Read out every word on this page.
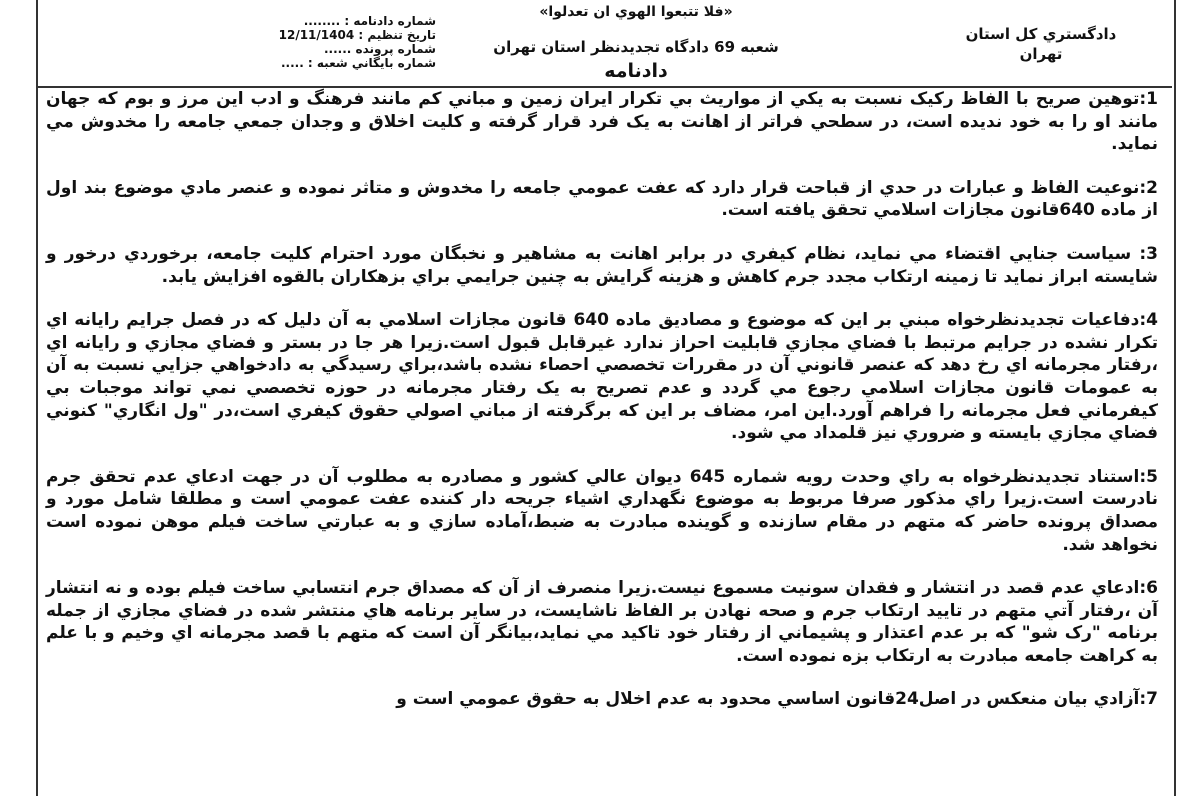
«فلا تتبعوا الهوي ان تعدلوا»
دادگستري کل استان تهران
شعبه 69 دادگاه تجديدنظر استان تهران
دادنامه
شماره دادنامه : ........
تاريخ تنظيم : 12/11/1404
شماره پرونده ......
شماره بايگاني شعبه : .....

1:توهين صريح با الفاظ رکيک نسبت به يکي از مواريث بي تکرار ايران زمين و مباني کم مانند فرهنگ و ادب اين مرز و بوم که جهان مانند او را به خود نديده است، در سطحي فراتر از اهانت به يک فرد قرار گرفته و کليت اخلاق و وجدان جمعي جامعه را مخدوش مي نمايد.

2:نوعيت الفاظ و عبارات در حدي از قباحت قرار دارد که عفت عمومي جامعه را مخدوش و متاثر نموده و عنصر مادي موضوع بند اول از ماده 640قانون مجازات اسلامي تحقق يافته است.

3: سياست جنايي اقتضاء مي نمايد، نظام کيفري در برابر اهانت به مشاهير و نخبگان مورد احترام کليت جامعه، برخوردي درخور و شايسته ابراز نمايد تا زمينه ارتکاب مجدد جرم کاهش و هزينه گرايش به چنين جرايمي براي بزهکاران بالقوه افزايش يابد.

4:دفاعيات تجديدنظرخواه مبني بر اين که موضوع و مصاديق ماده 640 قانون مجازات اسلامي به آن دليل که در فصل جرايم رايانه اي تکرار نشده در جرايم مرتبط با فضاي مجازي قابليت احراز ندارد غيرقابل قبول است.زيرا هر جا در بستر و فضاي مجازي و رايانه اي ،رفتار مجرمانه اي رخ دهد که عنصر قانوني آن در مقررات تخصصي احصاء نشده باشد،براي رسيدگي به دادخواهي جزايي نسبت به آن به عمومات قانون مجازات اسلامي رجوع مي گردد و عدم تصريح به يک رفتار مجرمانه در حوزه تخصصي نمي تواند موجبات بي کيفرماني فعل مجرمانه را فراهم آورد.اين امر، مضاف بر اين که برگرفته از مباني اصولي حقوق کيفري است،در "ول انگاري" کنوني فضاي مجازي بايسته و ضروري نيز قلمداد مي شود.

5:استناد تجديدنظرخواه به راي وحدت رويه شماره 645 ديوان عالي کشور و مصادره به مطلوب آن در جهت ادعاي عدم تحقق جرم نادرست است.زيرا راي مذکور صرفا مربوط به موضوع نگهداري اشياء جريحه دار کننده عفت عمومي است و مطلقا شامل مورد و مصداق پرونده حاضر که متهم در مقام سازنده و گوينده مبادرت به ضبط،آماده سازي و به عبارتي ساخت فيلم موهن نموده است نخواهد شد.

6:ادعاي عدم قصد در انتشار و فقدان سونيت مسموع نيست.زيرا منصرف از آن که مصداق جرم انتسابي ساخت فيلم بوده و نه انتشار آن ،رفتار آتي متهم در تاييد ارتکاب جرم و صحه نهادن بر الفاظ ناشايست، در ساير برنامه هاي منتشر شده در فضاي مجازي از جمله برنامه "رک شو" که بر عدم اعتذار و پشيماني از رفتار خود تاکيد مي نمايد،بيانگر آن است که متهم با قصد مجرمانه اي وخيم و با علم به کراهت جامعه مبادرت به ارتکاب بزه نموده است.

7:آزادي بيان منعکس در اصل24قانون اساسي محدود به عدم اخلال به حقوق عمومي است و
